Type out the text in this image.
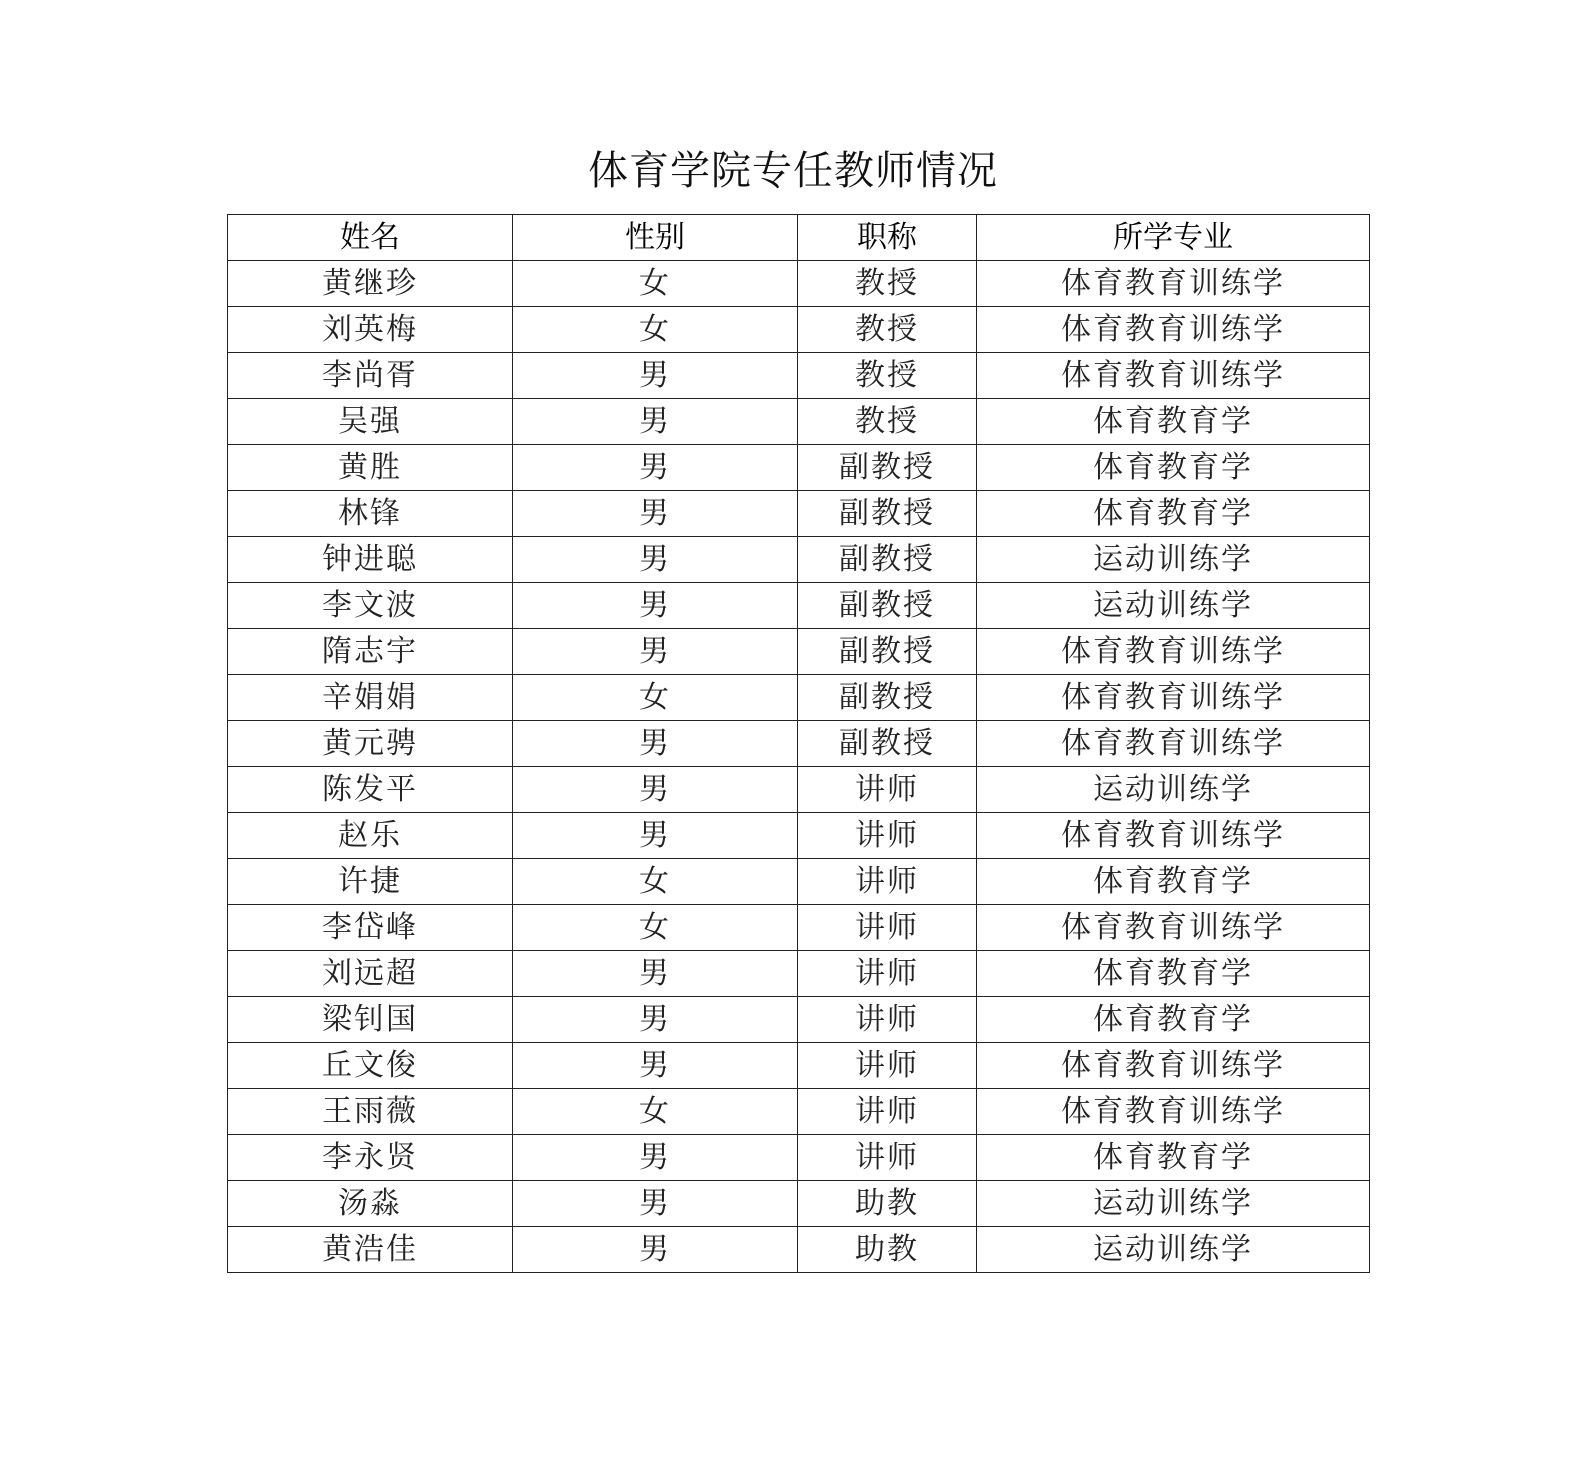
体育学院专任教师情况
姓名	性别	职称	所学专业
黄继珍	女	教授	体育教育训练学
刘英梅	女	教授	体育教育训练学
李尚胥	男	教授	体育教育训练学
吴强	男	教授	体育教育学
黄胜	男	副教授	体育教育学
林锋	男	副教授	体育教育学
钟进聪	男	副教授	运动训练学
李文波	男	副教授	运动训练学
隋志宇	男	副教授	体育教育训练学
辛娟娟	女	副教授	体育教育训练学
黄元骋	男	副教授	体育教育训练学
陈发平	男	讲师	运动训练学
赵乐	男	讲师	体育教育训练学
许捷	女	讲师	体育教育学
李岱峰	女	讲师	体育教育训练学
刘远超	男	讲师	体育教育学
梁钊国	男	讲师	体育教育学
丘文俊	男	讲师	体育教育训练学
王雨薇	女	讲师	体育教育训练学
李永贤	男	讲师	体育教育学
汤淼	男	助教	运动训练学
黄浩佳	男	助教	运动训练学
